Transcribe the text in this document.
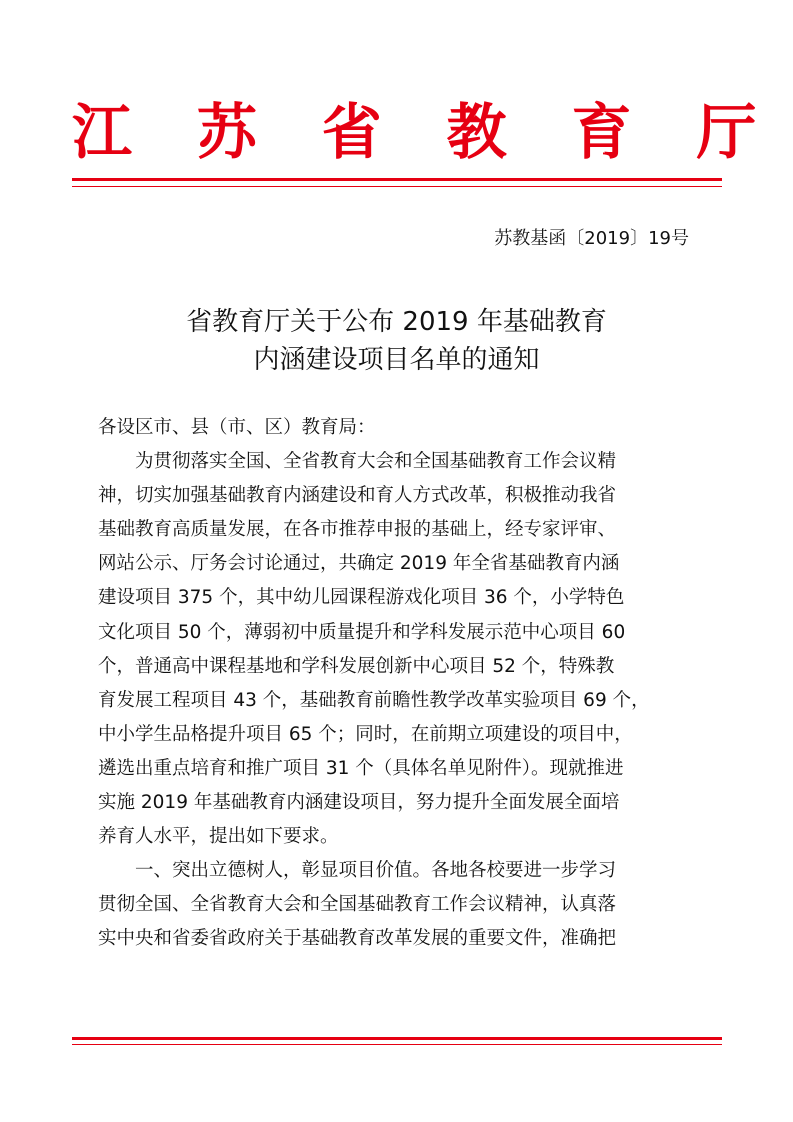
江 苏 省 教 育 厅
苏教基函〔2019〕19号
省教育厅关于公布 2019 年基础教育
内涵建设项目名单的通知
各设区市、县（市、区）教育局：
　　为贯彻落实全国、全省教育大会和全国基础教育工作会议精
神，切实加强基础教育内涵建设和育人方式改革，积极推动我省
基础教育高质量发展，在各市推荐申报的基础上，经专家评审、
网站公示、厅务会讨论通过，共确定 2019 年全省基础教育内涵
建设项目 375 个，其中幼儿园课程游戏化项目 36 个，小学特色
文化项目 50 个，薄弱初中质量提升和学科发展示范中心项目 60
个，普通高中课程基地和学科发展创新中心项目 52 个，特殊教
育发展工程项目 43 个，基础教育前瞻性教学改革实验项目 69 个，
中小学生品格提升项目 65 个；同时，在前期立项建设的项目中，
遴选出重点培育和推广项目 31 个（具体名单见附件）。现就推进
实施 2019 年基础教育内涵建设项目，努力提升全面发展全面培
养育人水平，提出如下要求。
　　一、突出立德树人，彰显项目价值。各地各校要进一步学习
贯彻全国、全省教育大会和全国基础教育工作会议精神，认真落
实中央和省委省政府关于基础教育改革发展的重要文件，准确把
